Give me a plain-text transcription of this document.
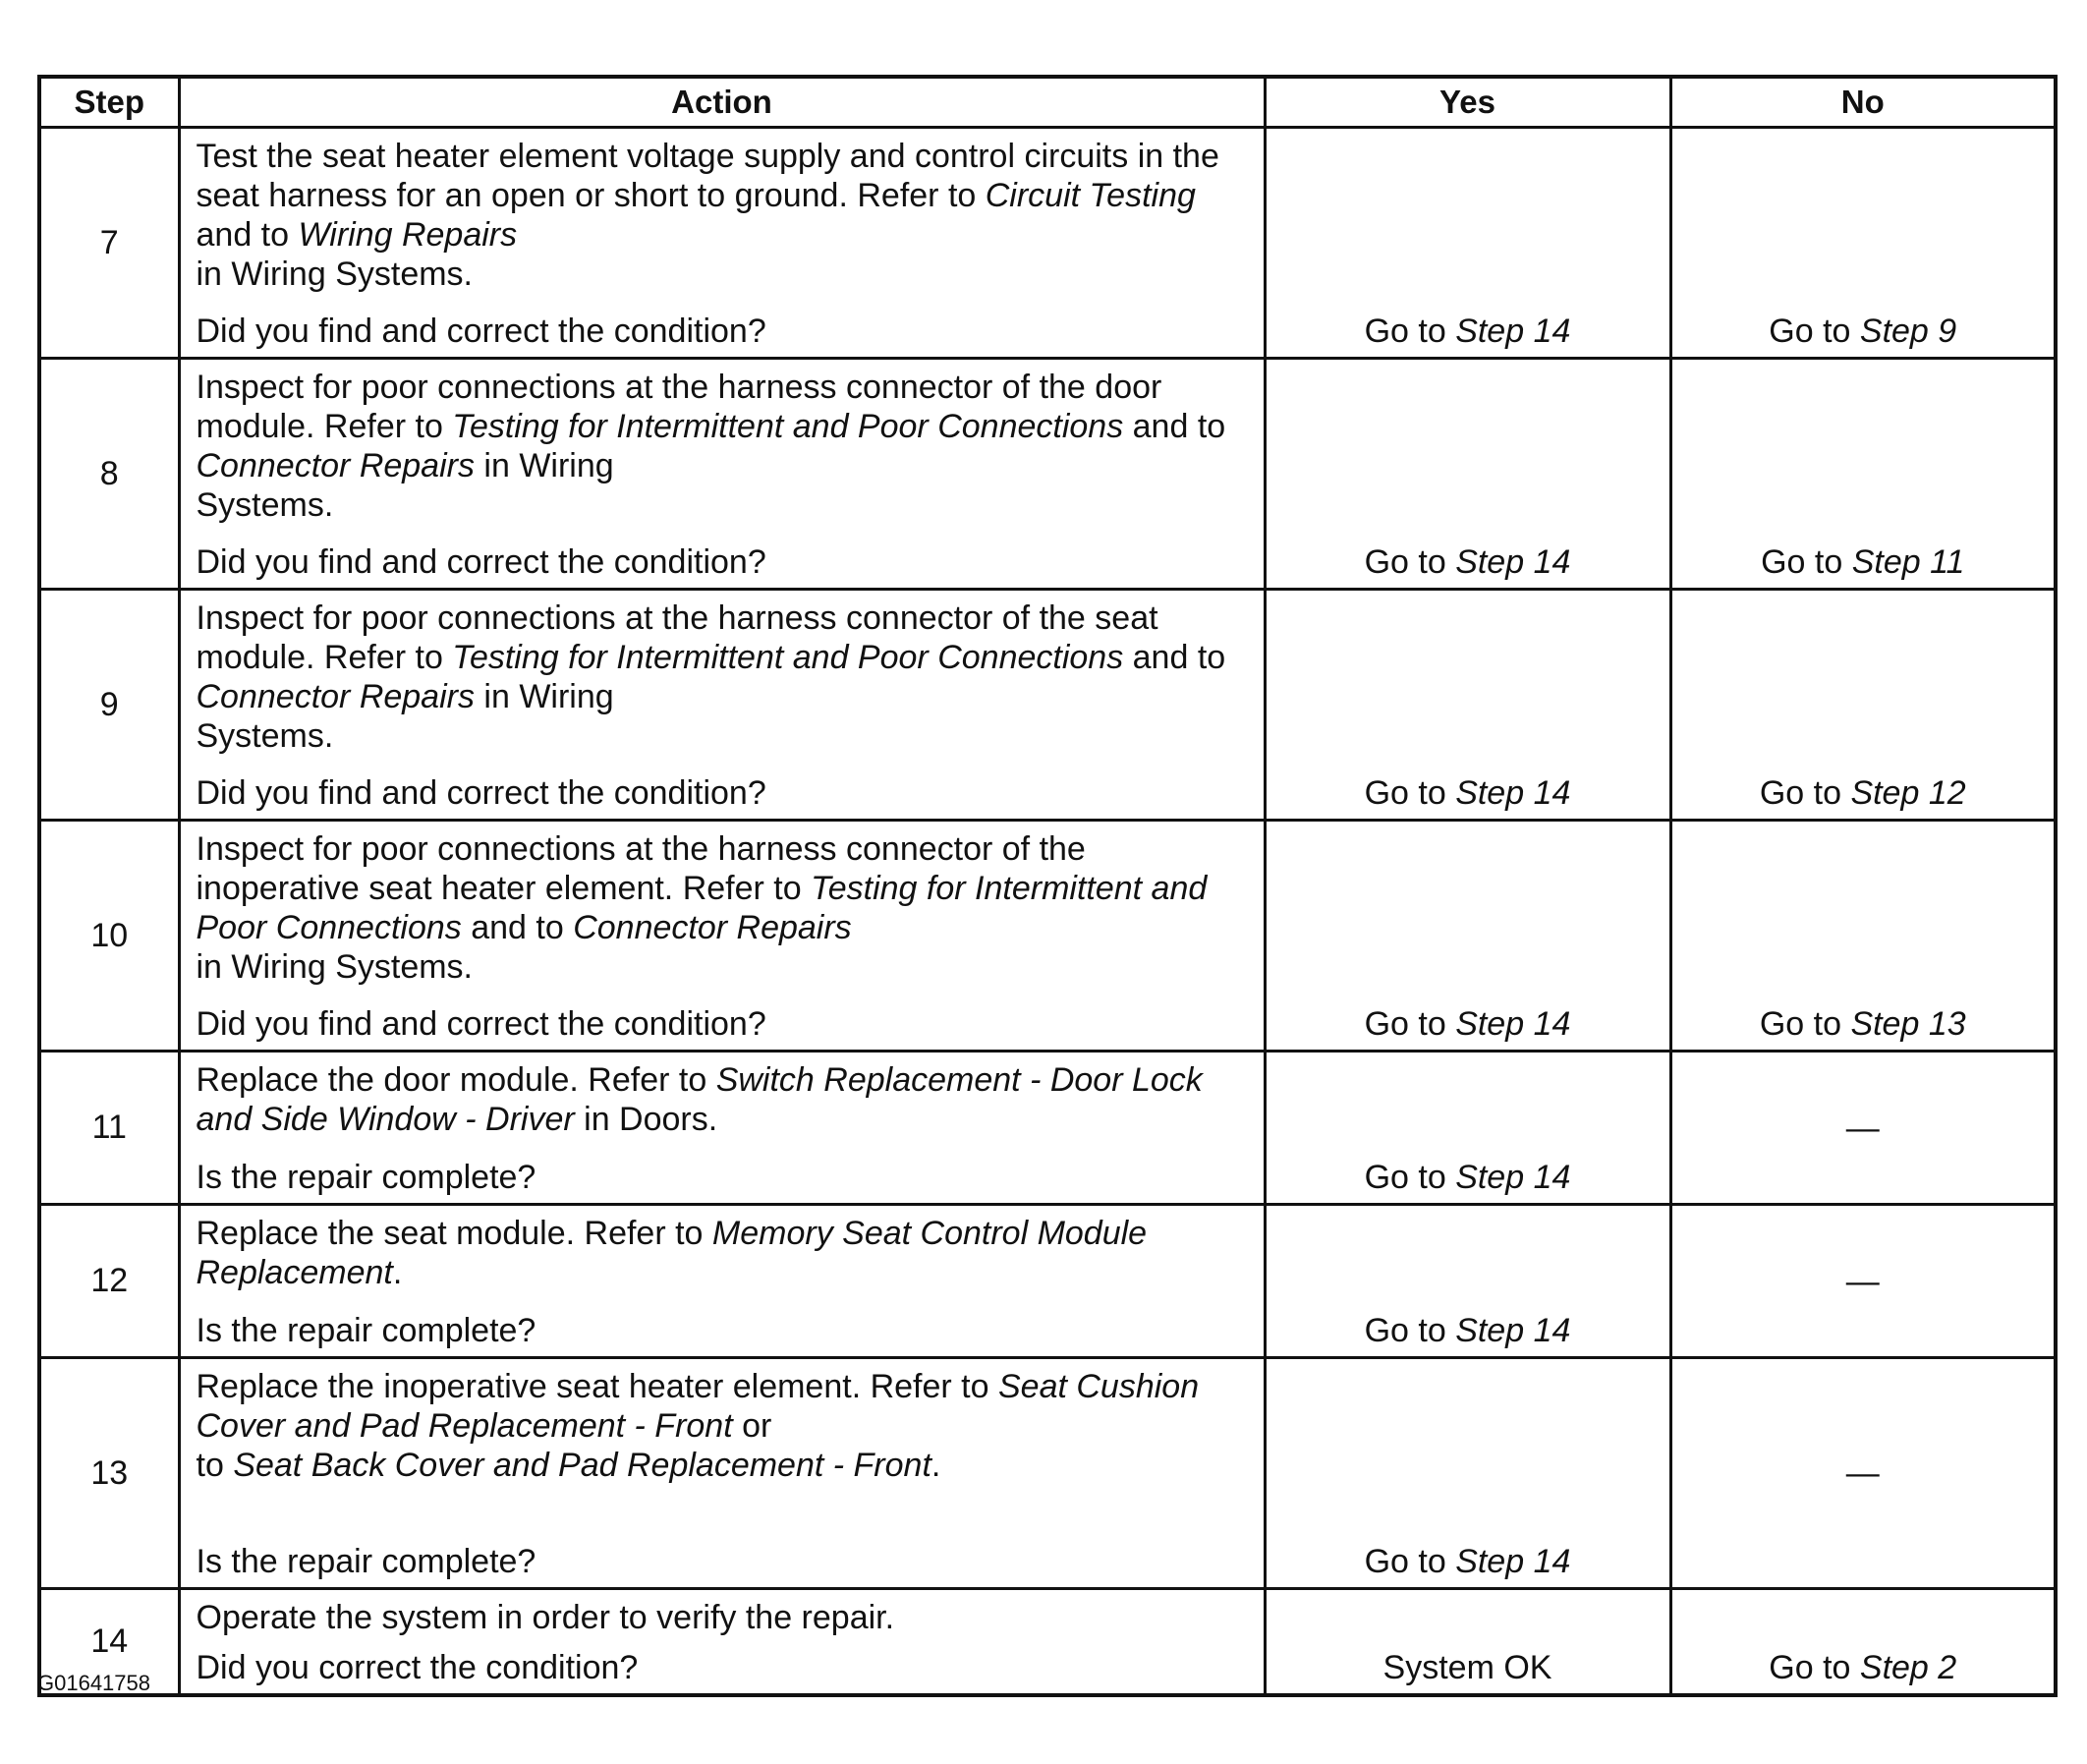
Step	Action	Yes	No
7	Test the seat heater element voltage supply and control circuits in the seat harness for an open or short to ground. Refer to Circuit Testing and to Wiring Repairs
in Wiring Systems.
Did you find and correct the condition?	Go to Step 14	Go to Step 9
8	Inspect for poor connections at the harness connector of the door module. Refer to Testing for Intermittent and Poor Connections and to Connector Repairs in Wiring
Systems.
Did you find and correct the condition?	Go to Step 14	Go to Step 11
9	Inspect for poor connections at the harness connector of the seat module. Refer to Testing for Intermittent and Poor Connections and to Connector Repairs in Wiring
Systems.
Did you find and correct the condition?	Go to Step 14	Go to Step 12
10	Inspect for poor connections at the harness connector of the inoperative seat heater element. Refer to Testing for Intermittent and Poor Connections and to Connector Repairs
in Wiring Systems.
Did you find and correct the condition?	Go to Step 14	Go to Step 13
11	Replace the door module. Refer to Switch Replacement - Door Lock and Side Window - Driver in Doors.
Is the repair complete?	Go to Step 14	—
12	Replace the seat module. Refer to Memory Seat Control Module Replacement.
Is the repair complete?	Go to Step 14	—
13	Replace the inoperative seat heater element. Refer to Seat Cushion Cover and Pad Replacement - Front or
to Seat Back Cover and Pad Replacement - Front.
Is the repair complete?	Go to Step 14	—
14	Operate the system in order to verify the repair.
Did you correct the condition?	System OK	Go to Step 2
G01641758
